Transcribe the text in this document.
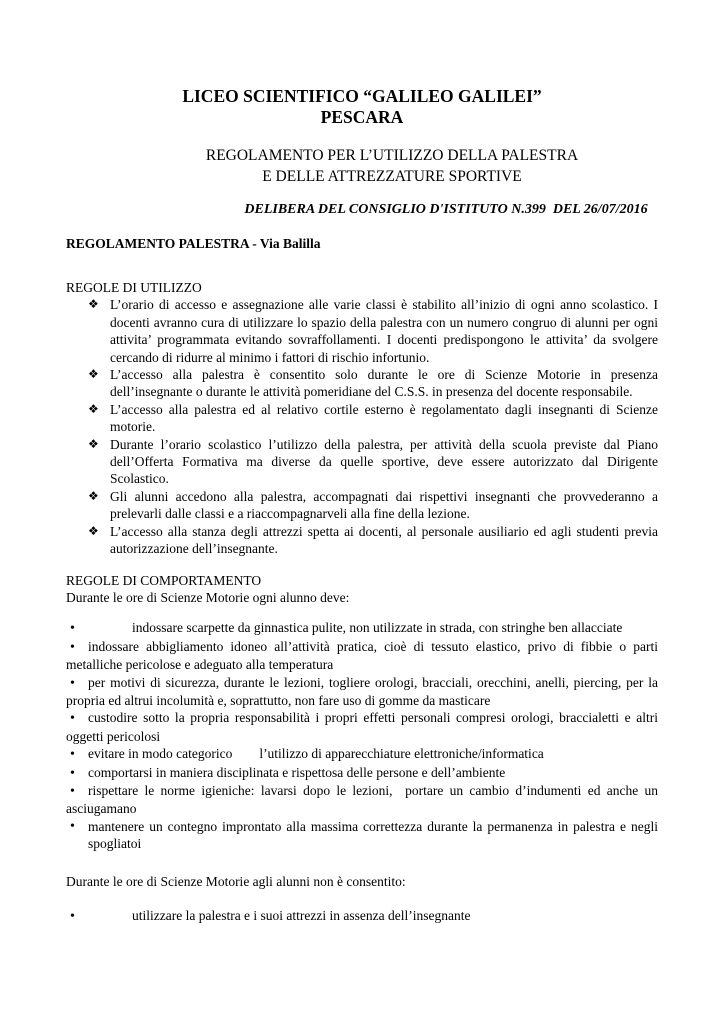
LICEO SCIENTIFICO “GALILEO GALILEI”
PESCARA
REGOLAMENTO PER L’UTILIZZO DELLA PALESTRA
E DELLE ATTREZZATURE SPORTIVE
DELIBERA DEL CONSIGLIO D'ISTITUTO N.399  DEL 26/07/2016
REGOLAMENTO PALESTRA - Via Balilla
REGOLE DI UTILIZZO
❖ L’orario di accesso e assegnazione alle varie classi è stabilito all’inizio di ogni anno scolastico. I docenti avranno cura di utilizzare lo spazio della palestra con un numero congruo di alunni per ogni attivita’ programmata evitando sovraffollamenti. I docenti predispongono le attivita’ da svolgere cercando di ridurre al minimo i fattori di rischio infortunio.
❖ L’accesso alla palestra è consentito solo durante le ore di Scienze Motorie in presenza dell’insegnante o durante le attività pomeridiane del C.S.S. in presenza del docente responsabile.
❖ L’accesso alla palestra ed al relativo cortile esterno è regolamentato dagli insegnanti di Scienze motorie.
❖ Durante l’orario scolastico l’utilizzo della palestra, per attività della scuola previste dal Piano dell’Offerta Formativa ma diverse da quelle sportive, deve essere autorizzato dal Dirigente Scolastico.
❖ Gli alunni accedono alla palestra, accompagnati dai rispettivi insegnanti che provvederanno a prelevarli dalle classi e a riaccompagnarveli alla fine della lezione.
❖ L’accesso alla stanza degli attrezzi spetta ai docenti, al personale ausiliario ed agli studenti previa autorizzazione dell’insegnante.
REGOLE DI COMPORTAMENTO
Durante le ore di Scienze Motorie ogni alunno deve:
•	indossare scarpette da ginnastica pulite, non utilizzate in strada, con stringhe ben allacciate
• indossare abbigliamento idoneo all’attività pratica, cioè di tessuto elastico, privo di fibbie o parti metalliche pericolose e adeguato alla temperatura
• per motivi di sicurezza, durante le lezioni, togliere orologi, bracciali, orecchini, anelli, piercing, per la propria ed altrui incolumità e, soprattutto, non fare uso di gomme da masticare
• custodire sotto la propria responsabilità i propri effetti personali compresi orologi, braccialetti e altri oggetti pericolosi
• evitare in modo categorico        l’utilizzo di apparecchiature elettroniche/informatica
• comportarsi in maniera disciplinata e rispettosa delle persone e dell’ambiente
• rispettare le norme igieniche: lavarsi dopo le lezioni,  portare un cambio d’indumenti ed anche un asciugamano
• mantenere un contegno improntato alla massima correttezza durante la permanenza in palestra e negli spogliatoi
Durante le ore di Scienze Motorie agli alunni non è consentito:
•	utilizzare la palestra e i suoi attrezzi in assenza dell’insegnante
